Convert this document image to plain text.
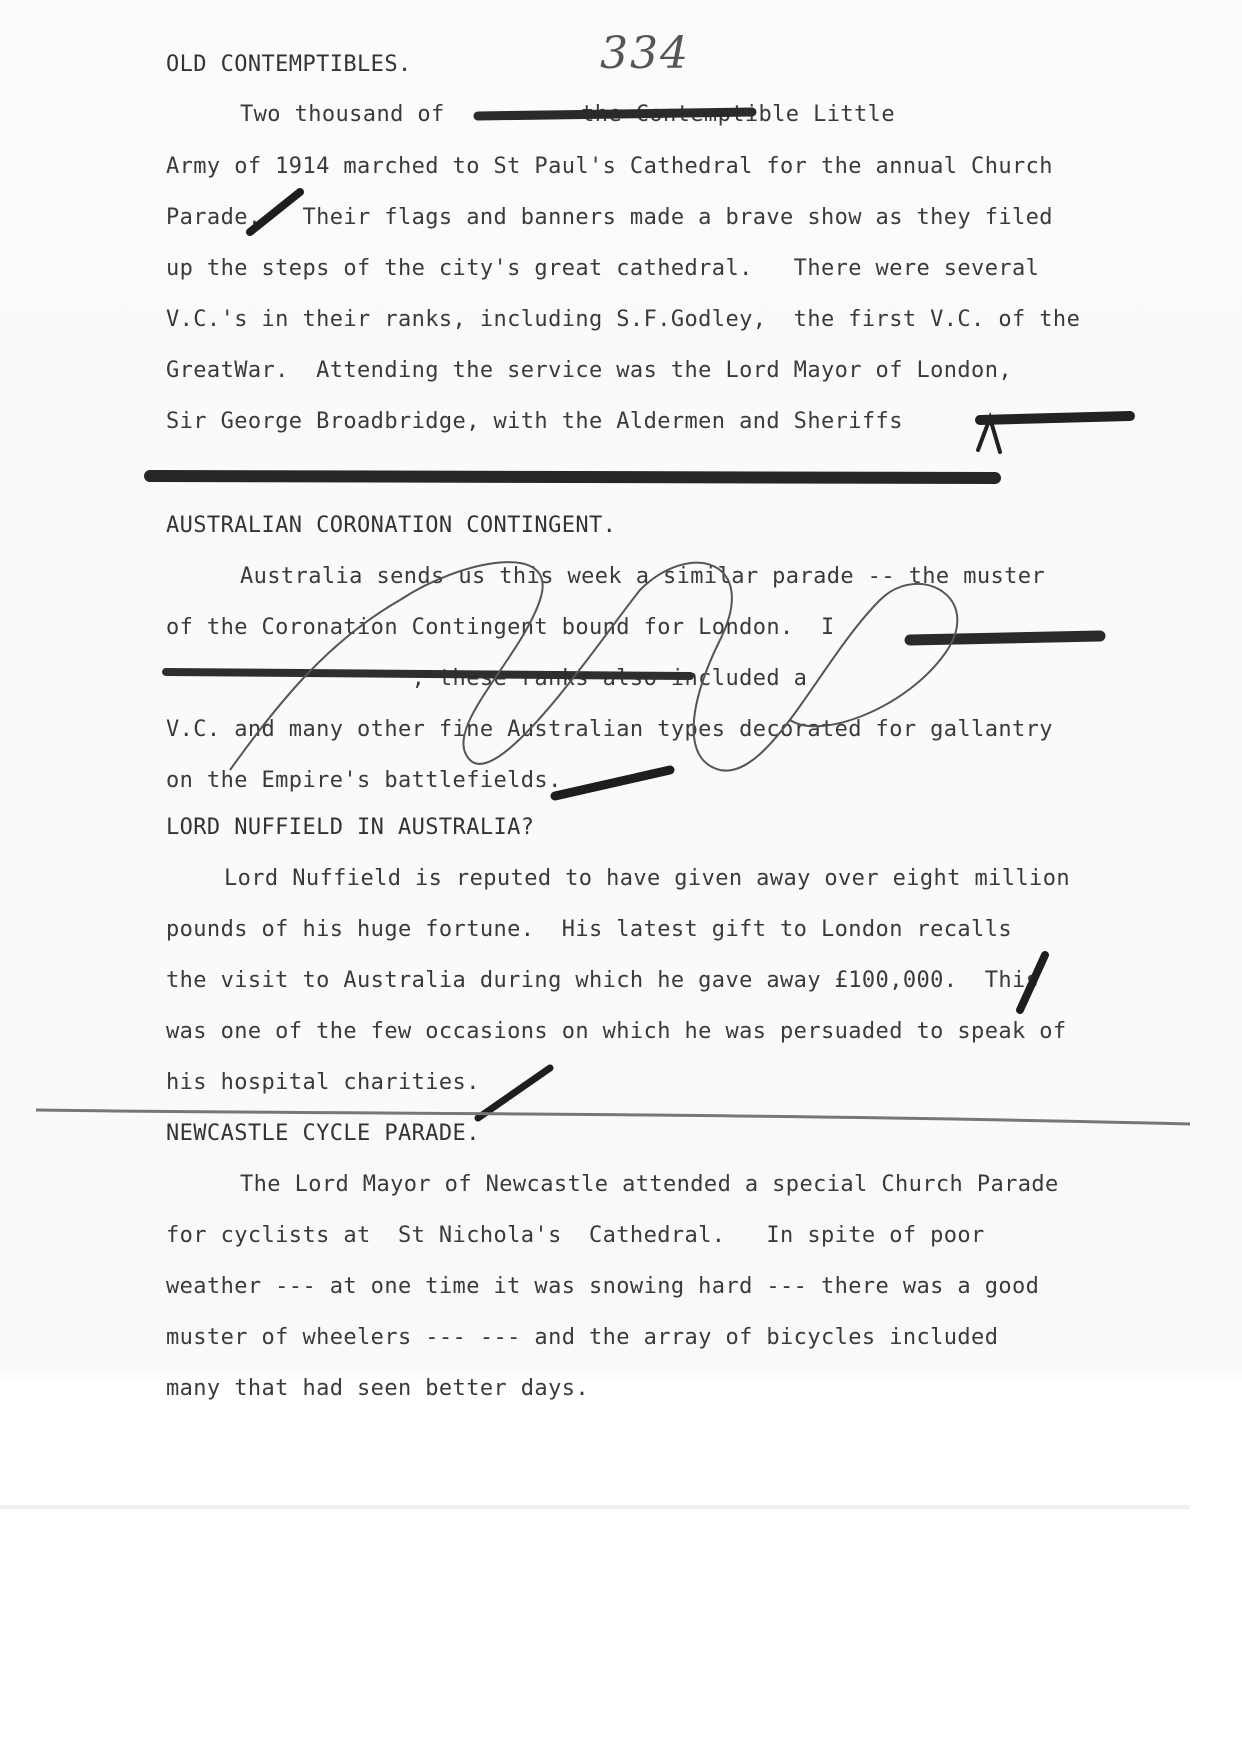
334
OLD CONTEMPTIBLES.
Two thousand of          the Contemptible Little
Army of 1914 marched to St Paul's Cathedral for the annual Church
Parade.   Their flags and banners made a brave show as they filed
up the steps of the city's great cathedral.   There were several
V.C.'s in their ranks, including S.F.Godley,  the first V.C. of the
GreatWar.  Attending the service was the Lord Mayor of London,
Sir George Broadbridge, with the Aldermen and Sheriffs
AUSTRALIAN CORONATION CONTINGENT.
Australia sends us this week a similar parade -- the muster
of the Coronation Contingent bound for London.  I
, these ranks also included a
V.C. and many other fine Australian types decorated for gallantry
on the Empire's battlefields.
LORD NUFFIELD IN AUSTRALIA?
Lord Nuffield is reputed to have given away over eight million
pounds of his huge fortune.  His latest gift to London recalls
the visit to Australia during which he gave away £100,000.  This
was one of the few occasions on which he was persuaded to speak of
his hospital charities.
NEWCASTLE CYCLE PARADE.
The Lord Mayor of Newcastle attended a special Church Parade
for cyclists at  St Nichola's  Cathedral.   In spite of poor
weather --- at one time it was snowing hard --- there was a good
muster of wheelers --- --- and the array of bicycles included
many that had seen better days.
